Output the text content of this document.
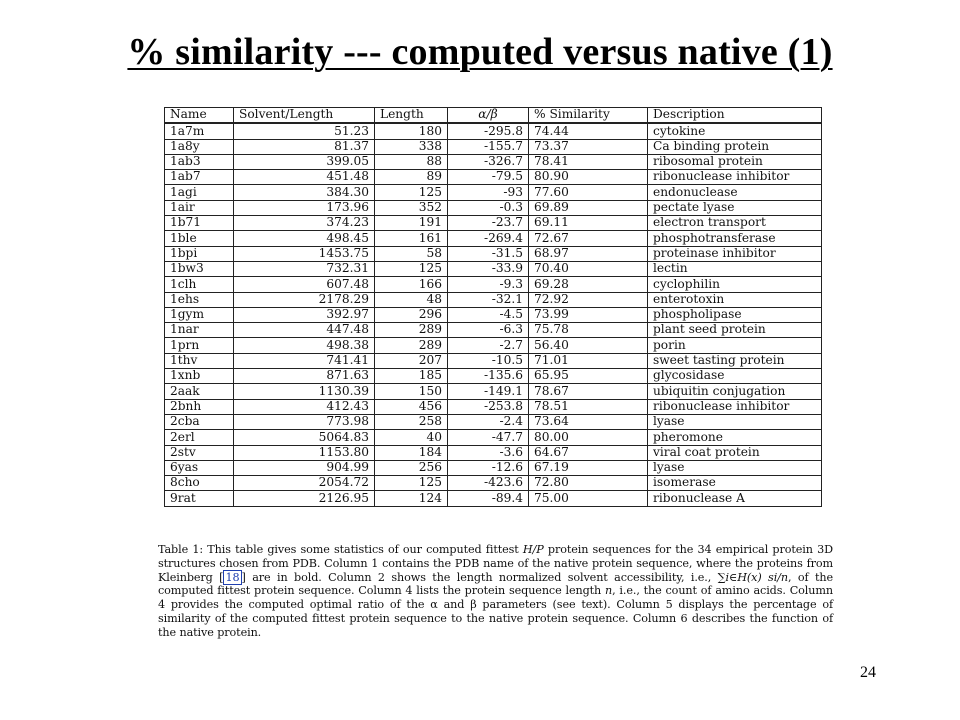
% similarity --- computed versus native (1)
Name	Solvent/Length	Length	α/β	% Similarity	Description
1a7m	51.23	180	-295.8	74.44	cytokine
1a8y	81.37	338	-155.7	73.37	Ca binding protein
1ab3	399.05	88	-326.7	78.41	ribosomal protein
1ab7	451.48	89	-79.5	80.90	ribonuclease inhibitor
1agi	384.30	125	-93	77.60	endonuclease
1air	173.96	352	-0.3	69.89	pectate lyase
1b71	374.23	191	-23.7	69.11	electron transport
1ble	498.45	161	-269.4	72.67	phosphotransferase
1bpi	1453.75	58	-31.5	68.97	proteinase inhibitor
1bw3	732.31	125	-33.9	70.40	lectin
1clh	607.48	166	-9.3	69.28	cyclophilin
1ehs	2178.29	48	-32.1	72.92	enterotoxin
1gym	392.97	296	-4.5	73.99	phospholipase
1nar	447.48	289	-6.3	75.78	plant seed protein
1prn	498.38	289	-2.7	56.40	porin
1thv	741.41	207	-10.5	71.01	sweet tasting protein
1xnb	871.63	185	-135.6	65.95	glycosidase
2aak	1130.39	150	-149.1	78.67	ubiquitin conjugation
2bnh	412.43	456	-253.8	78.51	ribonuclease inhibitor
2cba	773.98	258	-2.4	73.64	lyase
2erl	5064.83	40	-47.7	80.00	pheromone
2stv	1153.80	184	-3.6	64.67	viral coat protein
6yas	904.99	256	-12.6	67.19	lyase
8cho	2054.72	125	-423.6	72.80	isomerase
9rat	2126.95	124	-89.4	75.00	ribonuclease A
Table 1: This table gives some statistics of our computed fittest H/P protein sequences for the 34 empirical protein 3D structures chosen from PDB. Column 1 contains the PDB name of the native protein sequence, where the proteins from Kleinberg [ 18 ] are in bold. Column 2 shows the length normalized solvent accessibility, i.e., ∑i∈H(x) si/n, of the computed fittest protein sequence. Column 4 lists the protein sequence length n, i.e., the count of amino acids. Column 4 provides the computed optimal ratio of the α and β parameters (see text). Column 5 displays the percentage of similarity of the computed fittest protein sequence to the native protein sequence. Column 6 describes the function of the native protein.
24
